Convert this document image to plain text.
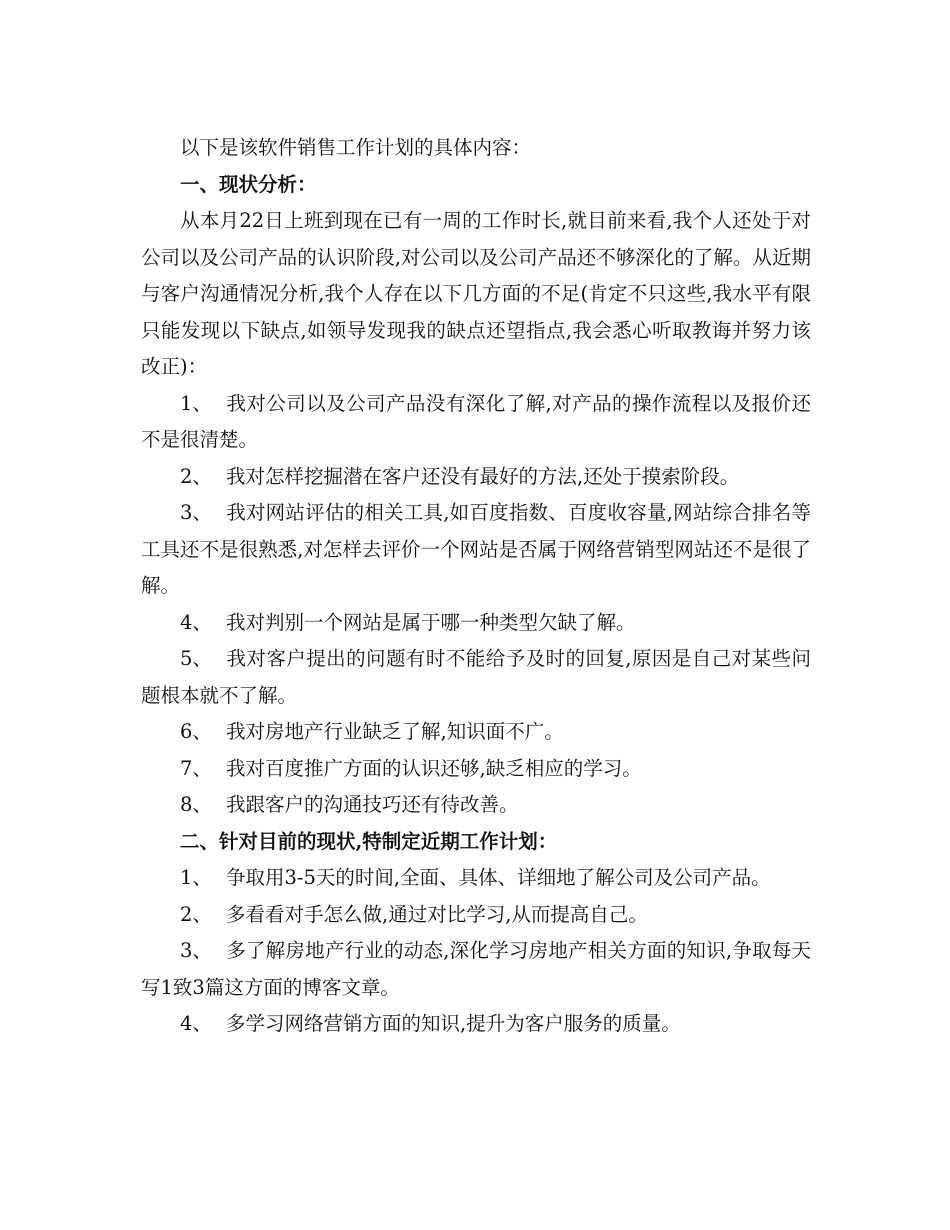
以下是该软件销售工作计划的具体内容：

一、现状分析：

从本月22日上班到现在已有一周的工作时长,就目前来看,我个人还处于对公司以及公司产品的认识阶段,对公司以及公司产品还不够深化的了解。从近期与客户沟通情况分析,我个人存在以下几方面的不足(肯定不只这些,我水平有限只能发现以下缺点,如领导发现我的缺点还望指点,我会悉心听取教诲并努力该改正)：

1、 我对公司以及公司产品没有深化了解,对产品的操作流程以及报价还不是很清楚。

2、 我对怎样挖掘潜在客户还没有最好的方法,还处于摸索阶段。

3、 我对网站评估的相关工具,如百度指数、百度收容量,网站综合排名等工具还不是很熟悉,对怎样去评价一个网站是否属于网络营销型网站还不是很了解。

4、 我对判别一个网站是属于哪一种类型欠缺了解。

5、 我对客户提出的问题有时不能给予及时的回复,原因是自己对某些问题根本就不了解。

6、 我对房地产行业缺乏了解,知识面不广。

7、 我对百度推广方面的认识还够,缺乏相应的学习。

8、 我跟客户的沟通技巧还有待改善。

二、针对目前的现状,特制定近期工作计划：

1、 争取用3-5天的时间,全面、具体、详细地了解公司及公司产品。

2、 多看看对手怎么做,通过对比学习,从而提高自己。

3、 多了解房地产行业的动态,深化学习房地产相关方面的知识,争取每天写1致3篇这方面的博客文章。

4、 多学习网络营销方面的知识,提升为客户服务的质量。
